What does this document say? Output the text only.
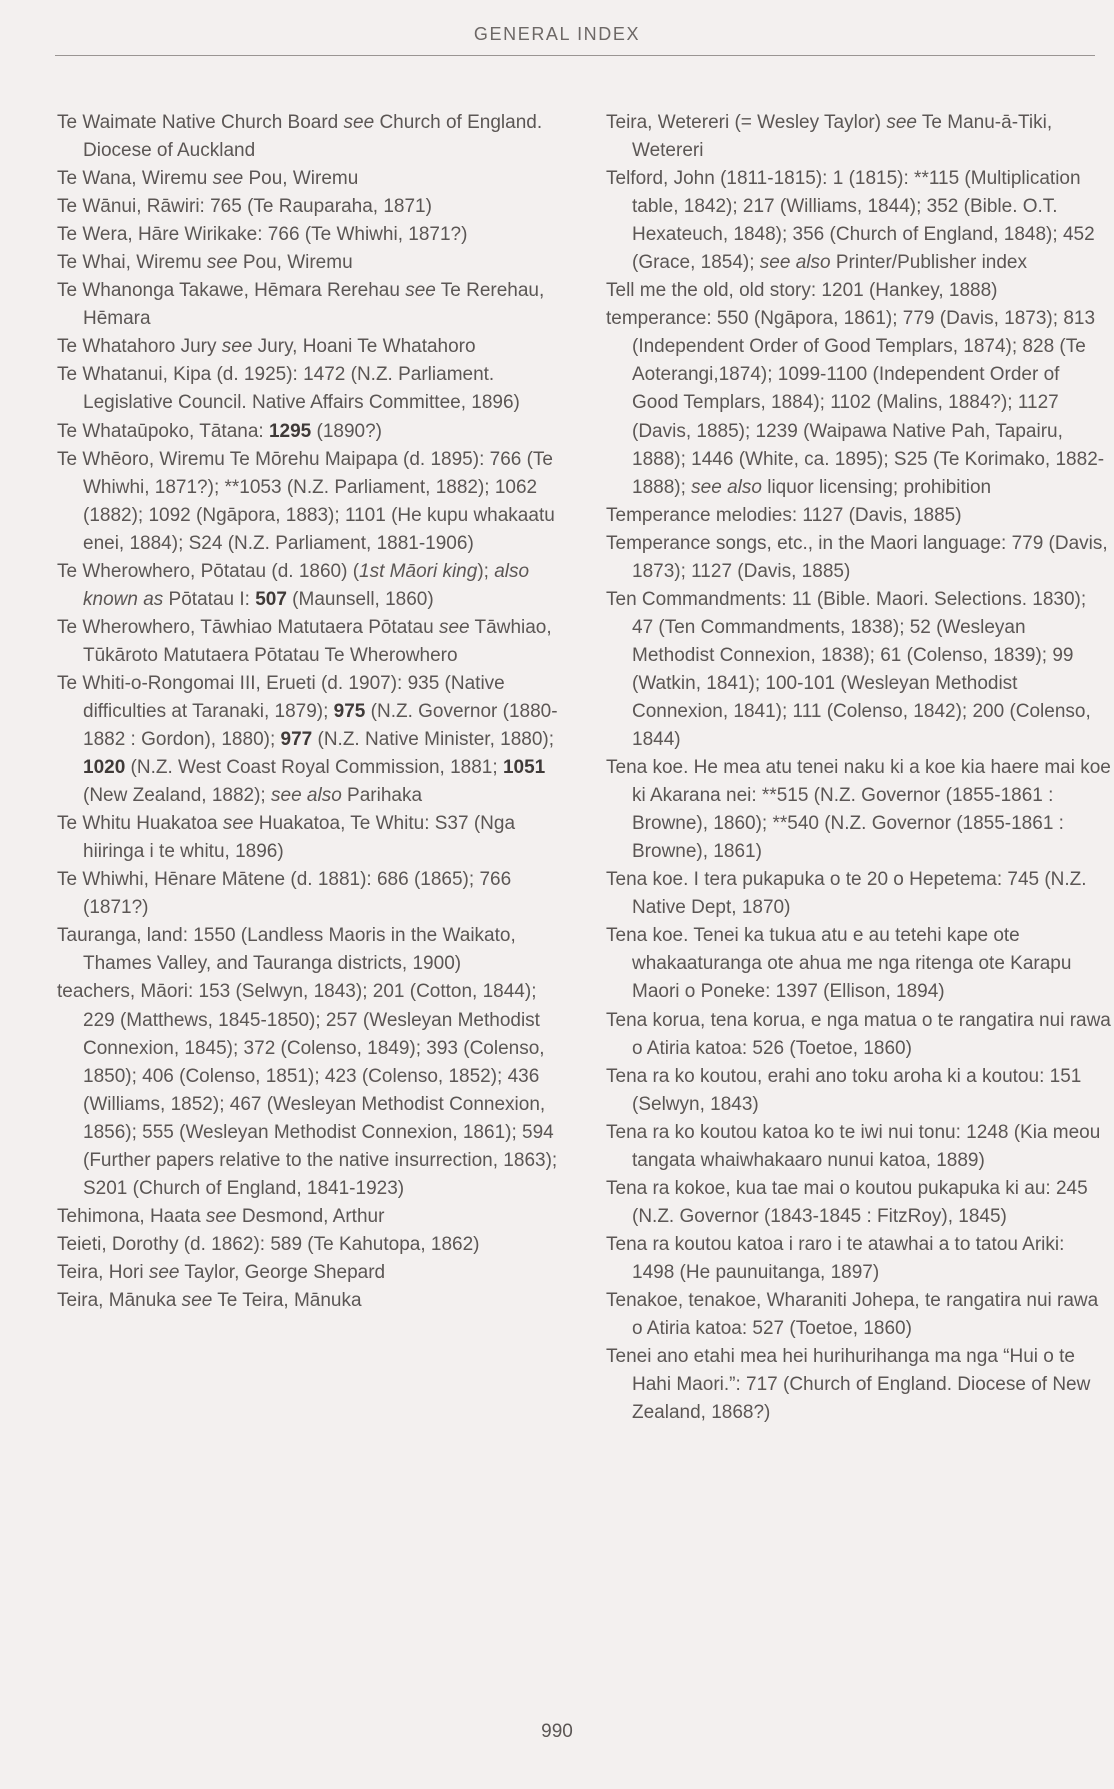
GENERAL INDEX

Te Waimate Native Church Board see Church of England. Diocese of Auckland

Te Wana, Wiremu see Pou, Wiremu

Te Wānui, Rāwiri: 765 (Te Rauparaha, 1871)

Te Wera, Hāre Wirikake: 766 (Te Whiwhi, 1871?)

Te Whai, Wiremu see Pou, Wiremu

Te Whanonga Takawe, Hēmara Rerehau see Te Rerehau, Hēmara

Te Whatahoro Jury see Jury, Hoani Te Whatahoro

Te Whatanui, Kipa (d. 1925): 1472 (N.Z. Parliament. Legislative Council. Native Affairs Committee, 1896)

Te Whataūpoko, Tātana: 1295 (1890?)

Te Whēoro, Wiremu Te Mōrehu Maipapa (d. 1895): 766 (Te Whiwhi, 1871?); **1053 (N.Z. Parliament, 1882); 1062 (1882); 1092 (Ngāpora, 1883); 1101 (He kupu whakaatu enei, 1884); S24 (N.Z. Parliament, 1881-1906)

Te Wherowhero, Pōtatau (d. 1860) (1st Māori king); also known as Pōtatau I: 507 (Maunsell, 1860)

Te Wherowhero, Tāwhiao Matutaera Pōtatau see Tāwhiao, Tūkāroto Matutaera Pōtatau Te Wherowhero

Te Whiti-o-Rongomai III, Erueti (d. 1907): 935 (Native difficulties at Taranaki, 1879); 975 (N.Z. Governor (1880-1882 : Gordon), 1880); 977 (N.Z. Native Minister, 1880); 1020 (N.Z. West Coast Royal Commission, 1881; 1051 (New Zealand, 1882); see also Parihaka

Te Whitu Huakatoa see Huakatoa, Te Whitu: S37 (Nga hiiringa i te whitu, 1896)

Te Whiwhi, Hēnare Mātene (d. 1881): 686 (1865); 766 (1871?)

Tauranga, land: 1550 (Landless Maoris in the Waikato, Thames Valley, and Tauranga districts, 1900)

teachers, Māori: 153 (Selwyn, 1843); 201 (Cotton, 1844); 229 (Matthews, 1845-1850); 257 (Wesleyan Methodist Connexion, 1845); 372 (Colenso, 1849); 393 (Colenso, 1850); 406 (Colenso, 1851); 423 (Colenso, 1852); 436 (Williams, 1852); 467 (Wesleyan Methodist Connexion, 1856); 555 (Wesleyan Methodist Connexion, 1861); 594 (Further papers relative to the native insurrection, 1863); S201 (Church of England, 1841-1923)

Tehimona, Haata see Desmond, Arthur

Teieti, Dorothy (d. 1862): 589 (Te Kahutopa, 1862)

Teira, Hori see Taylor, George Shepard

Teira, Mānuka see Te Teira, Mānuka

Teira, Wetereri (= Wesley Taylor) see Te Manu-ā-Tiki, Wetereri

Telford, John (1811-1815): 1 (1815): **115 (Multiplication table, 1842); 217 (Williams, 1844); 352 (Bible. O.T. Hexateuch, 1848); 356 (Church of England, 1848); 452 (Grace, 1854); see also Printer/Publisher index

Tell me the old, old story: 1201 (Hankey, 1888)

temperance: 550 (Ngāpora, 1861); 779 (Davis, 1873); 813 (Independent Order of Good Templars, 1874); 828 (Te Aoterangi,1874); 1099-1100 (Independent Order of Good Templars, 1884); 1102 (Malins, 1884?); 1127 (Davis, 1885); 1239 (Waipawa Native Pah, Tapairu, 1888); 1446 (White, ca. 1895); S25 (Te Korimako, 1882-1888); see also liquor licensing; prohibition

Temperance melodies: 1127 (Davis, 1885)

Temperance songs, etc., in the Maori language: 779 (Davis, 1873); 1127 (Davis, 1885)

Ten Commandments: 11 (Bible. Maori. Selections. 1830); 47 (Ten Commandments, 1838); 52 (Wesleyan Methodist Connexion, 1838); 61 (Colenso, 1839); 99 (Watkin, 1841); 100-101 (Wesleyan Methodist Connexion, 1841); 111 (Colenso, 1842); 200 (Colenso, 1844)

Tena koe. He mea atu tenei naku ki a koe kia haere mai koe ki Akarana nei: **515 (N.Z. Governor (1855-1861 : Browne), 1860); **540 (N.Z. Governor (1855-1861 : Browne), 1861)

Tena koe. I tera pukapuka o te 20 o Hepetema: 745 (N.Z. Native Dept, 1870)

Tena koe. Tenei ka tukua atu e au tetehi kape ote whakaaturanga ote ahua me nga ritenga ote Karapu Maori o Poneke: 1397 (Ellison, 1894)

Tena korua, tena korua, e nga matua o te rangatira nui rawa o Atiria katoa: 526 (Toetoe, 1860)

Tena ra ko koutou, erahi ano toku aroha ki a koutou: 151 (Selwyn, 1843)

Tena ra ko koutou katoa ko te iwi nui tonu: 1248 (Kia meou tangata whaiwhakaaro nunui katoa, 1889)

Tena ra kokoe, kua tae mai o koutou pukapuka ki au: 245 (N.Z. Governor (1843-1845 : FitzRoy), 1845)

Tena ra koutou katoa i raro i te atawhai a to tatou Ariki: 1498 (He paunuitanga, 1897)

Tenakoe, tenakoe, Wharaniti Johepa, te rangatira nui rawa o Atiria katoa: 527 (Toetoe, 1860)

Tenei ano etahi mea hei hurihurihanga ma nga “Hui o te Hahi Maori.”: 717 (Church of England. Diocese of New Zealand, 1868?)

990
